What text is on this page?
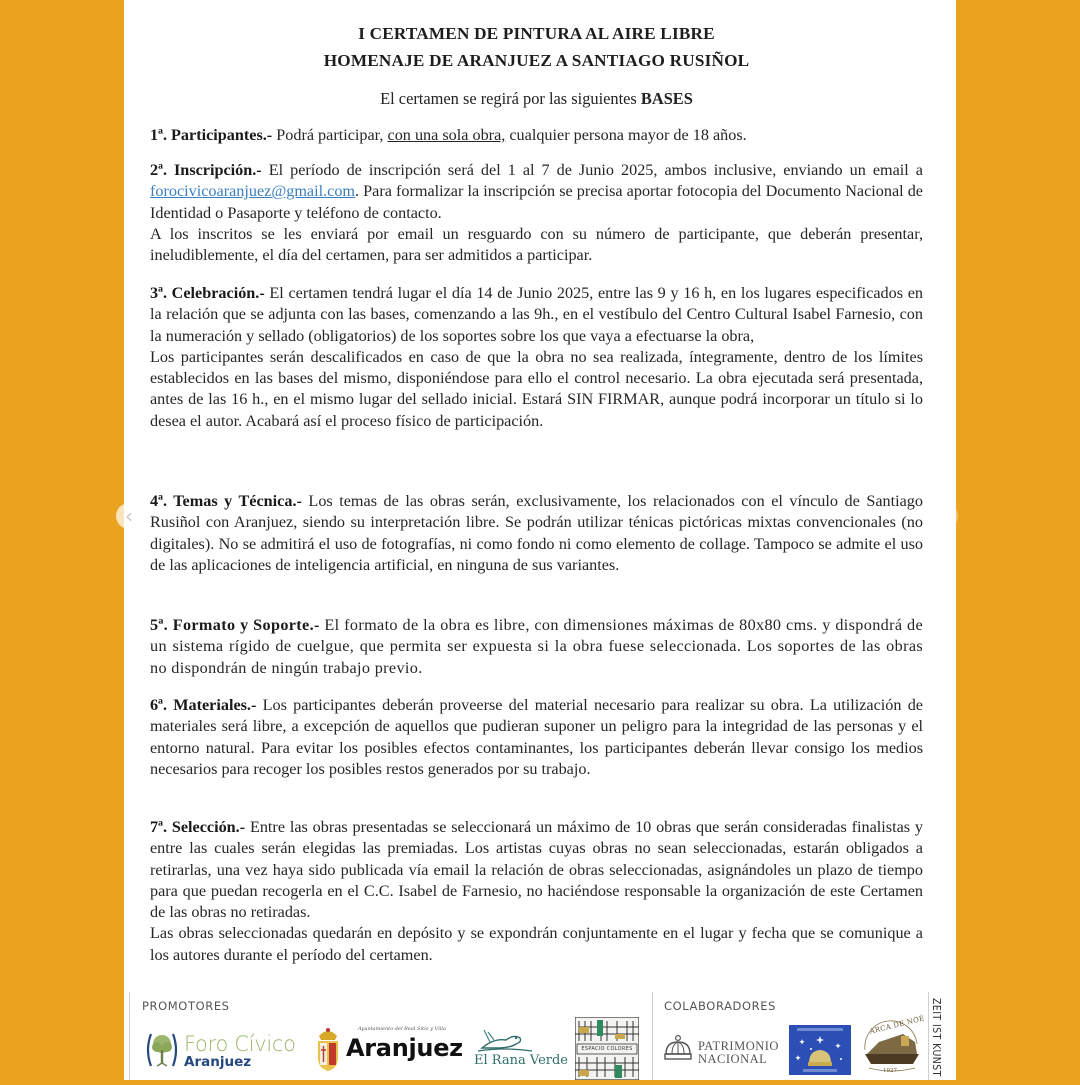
I CERTAMEN DE PINTURA AL AIRE LIBRE
HOMENAJE DE ARANJUEZ A SANTIAGO RUSIÑOL
El certamen se regirá por las siguientes BASES

1ª. Participantes.- Podrá participar, con una sola obra, cualquier persona mayor de 18 años.

2ª. Inscripción.- El período de inscripción será del 1 al 7 de Junio 2025, ambos inclusive, enviando un email a forocivicoaranjuez@gmail.com. Para formalizar la inscripción se precisa aportar fotocopia del Documento Nacional de Identidad o Pasaporte y teléfono de contacto.

A los inscritos se les enviará por email un resguardo con su número de participante, que deberán presentar, ineludiblemente, el día del certamen, para ser admitidos a participar.

3ª. Celebración.- El certamen tendrá lugar el día 14 de Junio 2025, entre las 9 y 16 h, en los lugares especificados en la relación que se adjunta con las bases, comenzando a las 9h., en el vestíbulo del Centro Cultural Isabel Farnesio, con la numeración y sellado (obligatorios) de los soportes sobre los que vaya a efectuarse la obra,

Los participantes serán descalificados en caso de que la obra no sea realizada, íntegramente, dentro de los límites establecidos en las bases del mismo, disponiéndose para ello el control necesario. La obra ejecutada será presentada, antes de las 16 h., en el mismo lugar del sellado inicial. Estará SIN FIRMAR, aunque podrá incorporar un título si lo desea el autor. Acabará así el proceso físico de participación.

4ª. Temas y Técnica.- Los temas de las obras serán, exclusivamente, los relacionados con el vínculo de Santiago Rusiñol con Aranjuez, siendo su interpretación libre. Se podrán utilizar ténicas pictóricas mixtas convencionales (no digitales). No se admitirá el uso de fotografías, ni como fondo ni como elemento de collage. Tampoco se admite el uso de las aplicaciones de inteligencia artificial, en ninguna de sus variantes.

5ª. Formato y Soporte.- El formato de la obra es libre, con dimensiones máximas de 80x80 cms. y dispondrá de un sistema rígido de cuelgue, que permita ser expuesta si la obra fuese seleccionada. Los soportes de las obras no dispondrán de ningún trabajo previo.

6ª. Materiales.- Los participantes deberán proveerse del material necesario para realizar su obra. La utilización de materiales será libre, a excepción de aquellos que pudieran suponer un peligro para la integridad de las personas y el entorno natural. Para evitar los posibles efectos contaminantes, los participantes deberán llevar consigo los medios necesarios para recoger los posibles restos generados por su trabajo.

7ª. Selección.- Entre las obras presentadas se seleccionará un máximo de 10 obras que serán consideradas finalistas y entre las cuales serán elegidas las premiadas. Los artistas cuyas obras no sean seleccionadas, estarán obligados a retirarlas, una vez haya sido publicada vía email la relación de obras seleccionadas, asignándoles un plazo de tiempo para que puedan recogerla en el C.C. Isabel de Farnesio, no haciéndose responsable la organización de este Certamen de las obras no retiradas.

Las obras seleccionadas quedarán en depósito y se expondrán conjuntamente en el lugar y fecha que se comunique a los autores durante el período del certamen.

PROMOTORES
Foro Cívico
Aranjuez
Ayuntamiento del Real Sitio y Villa
Aranjuez El Rana Verde
ESPACIO COLORES
COLABORADORES
PATRIMONIO
NACIONAL
ARCA DE NOÉ
1927	ZEIT IST KUNST
‹
